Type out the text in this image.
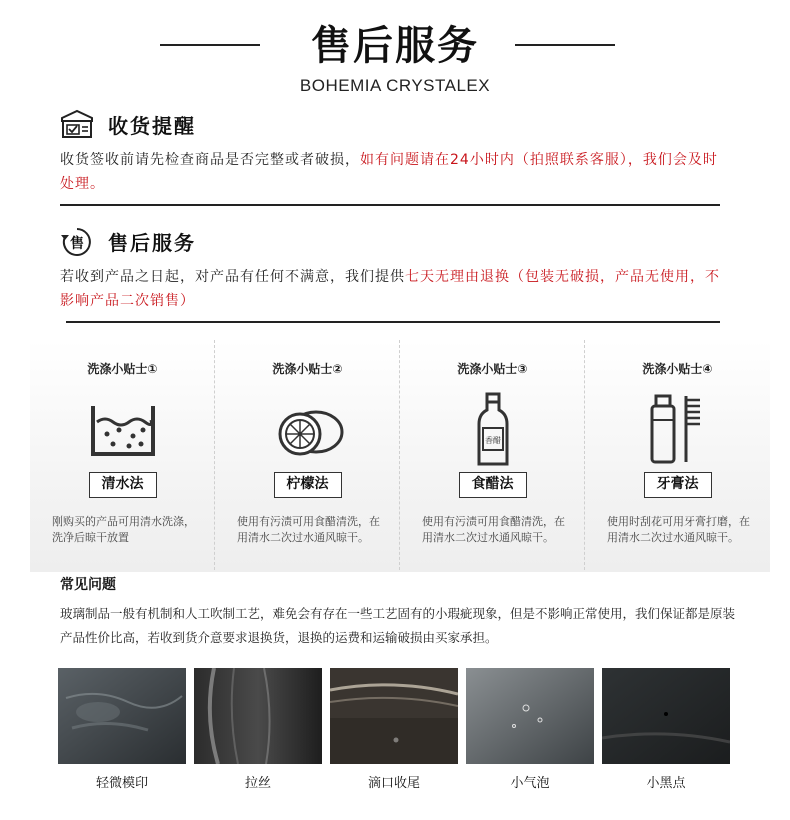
售后服务
BOHEMIA CRYSTALEX
收货提醒
收货签收前请先检查商品是否完整或者破损，如有问题请在24小时内（拍照联系客服），我们会及时处理。
售 售后服务
若收到产品之日起，对产品有任何不满意，我们提供七天无理由退换（包装无破损，产品无使用，不影响产品二次销售）
洗涤小贴士①
清水法
刚购买的产品可用清水洗涤，洗净后晾干放置
洗涤小贴士②
柠檬法
使用有污渍可用食醋清洗，在用清水二次过水通风晾干。
洗涤小贴士③
香醋
食醋法
使用有污渍可用食醋清洗，在用清水二次过水通风晾干。
洗涤小贴士④
牙膏法
使用时刮花可用牙膏打磨，在用清水二次过水通风晾干。
常见问题
玻璃制品一般有机制和人工吹制工艺，难免会有存在一些工艺固有的小瑕疵现象，但是不影响正常使用，我们保证都是原装产品性价比高，若收到货介意要求退换货，退换的运费和运输破损由买家承担。
轻微模印	拉丝	滴口收尾	小气泡	小黑点
